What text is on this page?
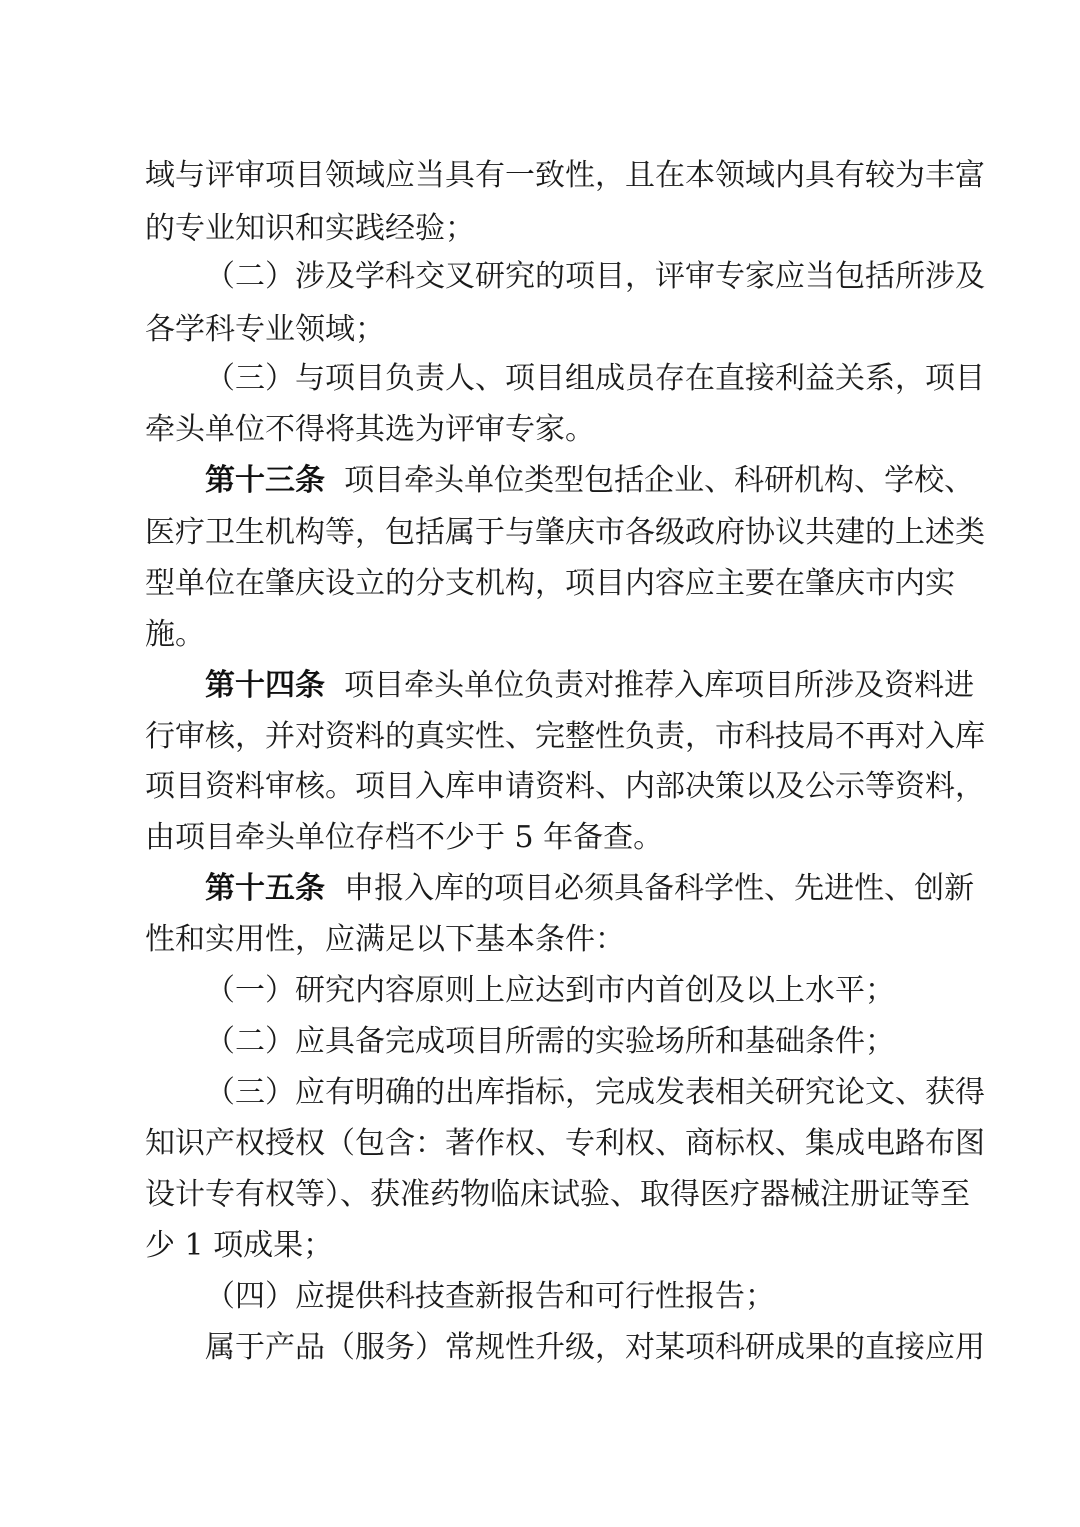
域与评审项目领域应当具有一致性，且在本领域内具有较为丰富
的专业知识和实践经验；
（二）涉及学科交叉研究的项目，评审专家应当包括所涉及
各学科专业领域；
（三）与项目负责人、项目组成员存在直接利益关系，项目
牵头单位不得将其选为评审专家。
第十三条 项目牵头单位类型包括企业、科研机构、学校、
医疗卫生机构等，包括属于与肇庆市各级政府协议共建的上述类
型单位在肇庆设立的分支机构，项目内容应主要在肇庆市内实
施。
第十四条 项目牵头单位负责对推荐入库项目所涉及资料进
行审核，并对资料的真实性、完整性负责，市科技局不再对入库
项目资料审核。项目入库申请资料、内部决策以及公示等资料，
由项目牵头单位存档不少于 5 年备查。
第十五条 申报入库的项目必须具备科学性、先进性、创新
性和实用性，应满足以下基本条件：
（一）研究内容原则上应达到市内首创及以上水平；
（二）应具备完成项目所需的实验场所和基础条件；
（三）应有明确的出库指标，完成发表相关研究论文、获得
知识产权授权（包含：著作权、专利权、商标权、集成电路布图
设计专有权等）、获准药物临床试验、取得医疗器械注册证等至
少 1 项成果；
（四）应提供科技查新报告和可行性报告；
属于产品（服务）常规性升级，对某项科研成果的直接应用
